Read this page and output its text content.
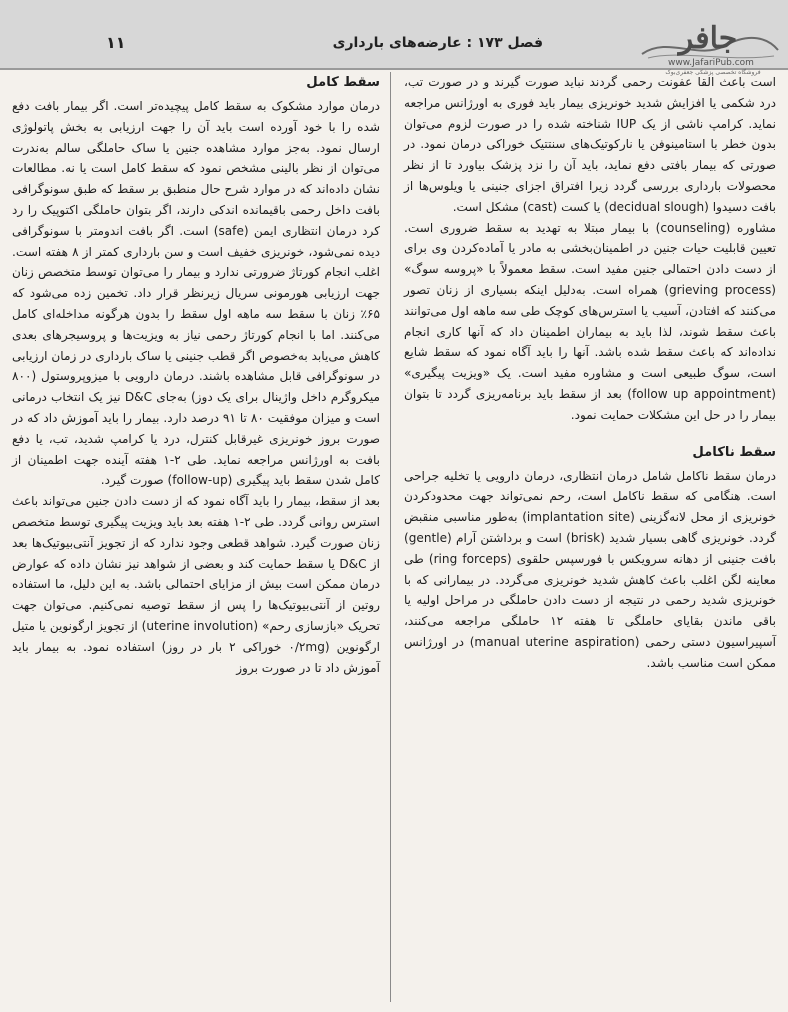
۱۱	فصل ۱۷۳ : عارضه‌های بارداری	جافر
www.JafariPub.com
فروشگاه تخصصی پزشکی جعفری‌بوک

است باعث القا عفونت رحمی گردند نباید صورت گیرند و در صورت تب، درد شکمی یا افزایش شدید خونریزی بیمار باید فوری به اورژانس مراجعه نماید. کرامپ ناشی از یک IUP شناخته شده را در صورت لزوم می‌توان بدون خطر با استامینوفن یا نارکوتیک‌های سنتتیک خوراکی درمان نمود. در صورتی که بیمار بافتی دفع نماید، باید آن را نزد پزشک بیاورد تا از نظر محصولات بارداری بررسی گردد زیرا افتراق اجزای جنینی یا ویلوس‌ها از بافت دسیدوا (decidual slough) یا کست (cast) مشکل است.

مشاوره (counseling) با بیمار مبتلا به تهدید به سقط ضروری است. تعیین قابلیت حیات جنین در اطمینان‌بخشی به مادر یا آماده‌کردن وی برای از دست دادن احتمالی جنین مفید است. سقط معمولاً با «پروسه سوگ» (grieving process) همراه است. به‌دلیل اینکه بسیاری از زنان تصور می‌کنند که افتادن، آسیب یا استرس‌های کوچک طی سه ماهه اول می‌توانند باعث سقط شوند، لذا باید به بیماران اطمینان داد که آنها کاری انجام نداده‌اند که باعث سقط شده باشد. آنها را باید آگاه نمود که سقط شایع است، سوگ طبیعی است و مشاوره مفید است. یک «ویزیت پیگیری» (follow up appointment) بعد از سقط باید برنامه‌ریزی گردد تا بتوان بیمار را در حل این مشکلات حمایت نمود.

سقط ناکامل

درمان سقط ناکامل شامل درمان انتظاری، درمان دارویی یا تخلیه جراحی است. هنگامی که سقط ناکامل است، رحم نمی‌تواند جهت محدودکردن خونریزی از محل لانه‌گزینی (implantation site) به‌طور مناسبی منقبض گردد. خونریزی گاهی بسیار شدید (brisk) است و برداشتن آرام (gentle) بافت جنینی از دهانه سرویکس با فورسپس حلقوی (ring forceps) طی معاینه لگن اغلب باعث کاهش شدید خونریزی می‌گردد. در بیمارانی که با خونریزی شدید رحمی در نتیجه از دست دادن حاملگی در مراحل اولیه یا باقی ماندن بقایای حاملگی تا هفته ۱۲ حاملگی مراجعه می‌کنند، آسپیراسیون دستی رحمی (manual uterine aspiration) در اورژانس ممکن است مناسب باشد.

سقط کامل

درمان موارد مشکوک به سقط کامل پیچیده‌تر است. اگر بیمار بافت دفع شده را با خود آورده است باید آن را جهت ارزیابی به بخش پاتولوژی ارسال نمود. به‌جز موارد مشاهده جنین یا ساک حاملگی سالم به‌ندرت می‌توان از نظر بالینی مشخص نمود که سقط کامل است یا نه. مطالعات نشان داده‌اند که در موارد شرح حال منطبق بر سقط که طبق سونوگرافی بافت داخل رحمی باقیمانده اندکی دارند، اگر بتوان حاملگی اکتوپیک را رد کرد درمان انتظاری ایمن (safe) است. اگر بافت اندومتر با سونوگرافی دیده نمی‌شود، خونریزی خفیف است و سن بارداری کمتر از ۸ هفته است. اغلب انجام کورتاژ ضرورتی ندارد و بیمار را می‌توان توسط متخصص زنان جهت ارزیابی هورمونی سریال زیرنظر قرار داد. تخمین زده می‌شود که ۶۵٪ زنان با سقط سه ماهه اول سقط را بدون هرگونه مداخله‌ای کامل می‌کنند. اما با انجام کورتاژ رحمی نیاز به ویزیت‌ها و پروسیجرهای بعدی کاهش می‌یابد به‌خصوص اگر قطب جنینی یا ساک بارداری در زمان ارزیابی در سونوگرافی قابل مشاهده باشند. درمان دارویی با میزوپروستول (۸۰۰ میکروگرم داخل واژینال برای یک دوز) به‌جای D&C نیز یک انتخاب درمانی است و میزان موفقیت ۸۰ تا ۹۱ درصد دارد. بیمار را باید آموزش داد که در صورت بروز خونریزی غیرقابل کنترل، درد یا کرامپ شدید، تب، یا دفع بافت به اورژانس مراجعه نماید. طی ۲-۱ هفته آینده جهت اطمینان از کامل شدن سقط باید پیگیری (follow-up) صورت گیرد.

بعد از سقط، بیمار را باید آگاه نمود که از دست دادن جنین می‌تواند باعث استرس روانی گردد. طی ۲-۱ هفته بعد باید ویزیت پیگیری توسط متخصص زنان صورت گیرد. شواهد قطعی وجود ندارد که از تجویز آنتی‌بیوتیک‌ها بعد از D&C یا سقط حمایت کند و بعضی از شواهد نیز نشان داده که عوارض درمان ممکن است بیش از مزایای احتمالی باشد. به این دلیل، ما استفاده روتین از آنتی‌بیوتیک‌ها را پس از سقط توصیه نمی‌کنیم. می‌توان جهت تحریک «بازسازی رحم» (uterine involution) از تجویز ارگونوین یا متیل ارگونوین (۰/۲mg خوراکی ۲ بار در روز) استفاده نمود. به بیمار باید آموزش داد تا در صورت بروز
